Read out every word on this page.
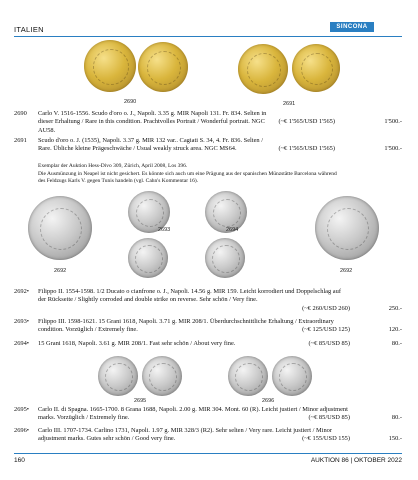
ITALIEN	SINCONA
2690	2691
2690 Carlo V. 1516-1556. Scudo d'oro o. J., Napoli. 3.35 g. MIR Napoli 131. Fr. 834. Selten in dieser Erhaltung / Rare in this condition. Prachtvolles Portrait / Wonderful portrait. NGC AU58.
(~€ 1'565/USD 1'565)	1'500.-
2691 Scudo d'oro o. J. (1535), Napoli. 3.37 g. MIR 132 var.. Cagiati S. 34, 4. Fr. 836. Selten / Rare. Übliche kleine Prägeschwäche / Usual weakly struck area. NGC MS64.	(~€ 1'565/USD 1'565)	1'500.-
Exemplar der Auktion Hess-Divo 309, Zürich, April 2008, Los 396.
Die Ausmünzung in Neapel ist nicht gesichert. Es könnte sich auch um eine Prägung aus der spanischen Münzstätte Barcelona während des Feldzugs Karls V. gegen Tunis handeln (vgl. Cahn's Kommentar 16).
2693	2694
2692	2692
2692• Filippo II. 1554-1598. 1/2 Ducato o cianfrone o. J., Napoli. 14.56 g. MIR 159. Leicht korrodiert und Doppelschlag auf der Rückseite / Slightly corroded and double strike on reverse. Sehr schön / Very fine.
(~€ 260/USD 260)	250.-
2693• Filippo III. 1598-1621. 15 Grani 1618, Napoli. 3.71 g. MIR 208/1. Überdurchschnittliche Erhaltung / Extraordinary condition. Vorzüglich / Extremely fine.	(~€ 125/USD 125)	120.-
2694• 15 Grani 1618, Napoli. 3.61 g. MIR 208/1. Fast sehr schön / About very fine.	(~€ 85/USD 85)	80.-
2695	2696
2695• Carlo II. di Spagna. 1665-1700. 8 Grana 1688, Napoli. 2.00 g. MIR 304. Mont. 60 (R). Leicht justiert / Minor adjustment marks. Vorzüglich / Extremely fine.	(~€ 85/USD 85)	80.-
2696• Carlo III. 1707-1734. Carlino 1731, Napoli. 1.97 g. MIR 328/3 (R2). Sehr selten / Very rare. Leicht justiert / Minor adjustment marks. Gutes sehr schön / Good very fine.	(~€ 155/USD 155)	150.-
160	AUKTION 86 | OKTOBER 2022
